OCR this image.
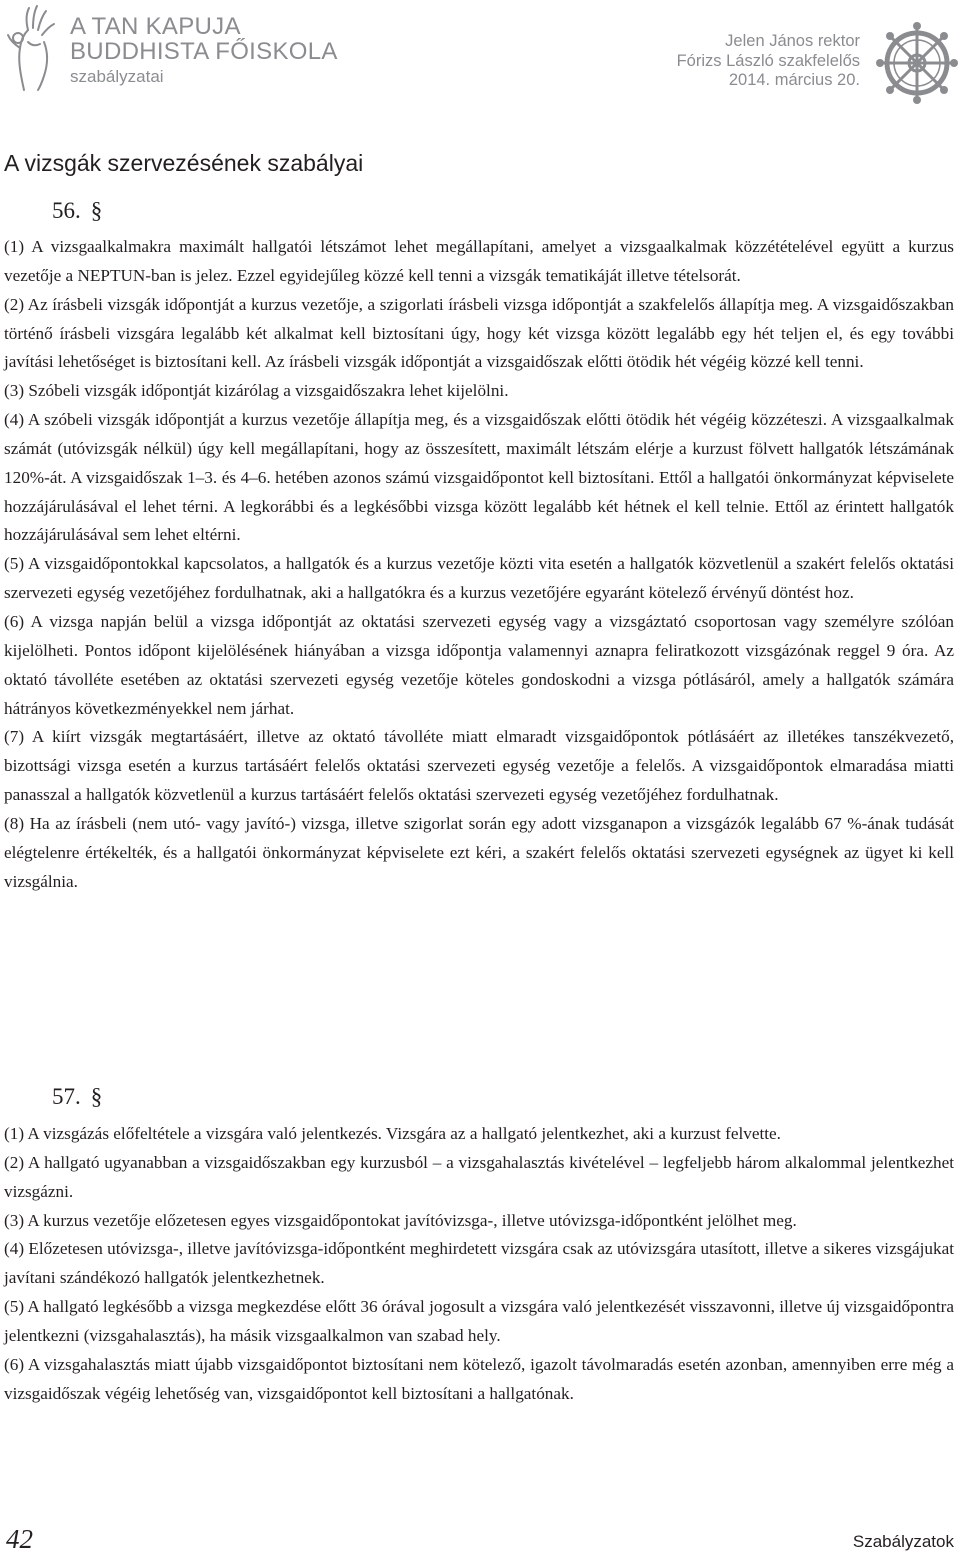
A TAN KAPUJA
BUDDHISTA FŐISKOLA
szabályzatai
Jelen János rektor
Fórizs László szakfelelős
2014. március 20.
A vizsgák szervezésének szabályai
56. §

(1) A vizsgaalkalmakra maximált hallgatói létszámot lehet megállapítani, amelyet a vizsgaalkalmak közzétételével együtt a kurzus vezetője a NEPTUN-ban is jelez. Ezzel egyidejűleg közzé kell tenni a vizsgák tematikáját illetve tételsorát.

(2) Az írásbeli vizsgák időpontját a kurzus vezetője, a szigorlati írásbeli vizsga időpontját a szakfelelős állapítja meg. A vizsgaidőszakban történő írásbeli vizsgára legalább két alkalmat kell biztosítani úgy, hogy két vizsga között legalább egy hét teljen el, és egy további javítási lehetőséget is biztosítani kell. Az írásbeli vizsgák időpontját a vizsgaidőszak előtti ötödik hét végéig közzé kell tenni.

(3) Szóbeli vizsgák időpontját kizárólag a vizsgaidőszakra lehet kijelölni.

(4) A szóbeli vizsgák időpontját a kurzus vezetője állapítja meg, és a vizsgaidőszak előtti ötödik hét végéig közzéteszi. A vizsgaalkalmak számát (utóvizsgák nélkül) úgy kell megállapítani, hogy az összesített, maximált létszám elérje a kurzust fölvett hallgatók létszámának 120%-át. A vizsgaidőszak 1–3. és 4–6. hetében azonos számú vizsgaidőpontot kell biztosítani. Ettől a hallgatói önkormányzat képviselete hozzájárulásával el lehet térni. A legkorábbi és a legkésőbbi vizsga között legalább két hétnek el kell telnie. Ettől az érintett hallgatók hozzájárulásával sem lehet eltérni.

(5) A vizsgaidőpontokkal kapcsolatos, a hallgatók és a kurzus vezetője közti vita esetén a hallgatók közvetlenül a szakért felelős oktatási szervezeti egység vezetőjéhez fordulhatnak, aki a hallgatókra és a kurzus vezetőjére egyaránt kötelező érvényű döntést hoz.

(6) A vizsga napján belül a vizsga időpontját az oktatási szervezeti egység vagy a vizsgáztató csoportosan vagy személyre szólóan kijelölheti. Pontos időpont kijelölésének hiányában a vizsga időpontja valamennyi aznapra feliratkozott vizsgázónak reggel 9 óra. Az oktató távolléte esetében az oktatási szervezeti egység vezetője köteles gondoskodni a vizsga pótlásáról, amely a hallgatók számára hátrányos következményekkel nem járhat.

(7) A kiírt vizsgák megtartásáért, illetve az oktató távolléte miatt elmaradt vizsgaidőpontok pótlásáért az illetékes tanszékvezető, bizottsági vizsga esetén a kurzus tartásáért felelős oktatási szervezeti egység vezetője a felelős. A vizsgaidőpontok elmaradása miatti panasszal a hallgatók közvetlenül a kurzus tartásáért felelős oktatási szervezeti egység vezetőjéhez fordulhatnak.

(8) Ha az írásbeli (nem utó- vagy javító-) vizsga, illetve szigorlat során egy adott vizsganapon a vizsgázók legalább 67 %-ának tudását elégtelenre értékelték, és a hallgatói önkormányzat képviselete ezt kéri, a szakért felelős oktatási szervezeti egységnek az ügyet ki kell vizsgálnia.

57. §

(1) A vizsgázás előfeltétele a vizsgára való jelentkezés. Vizsgára az a hallgató jelentkezhet, aki a kurzust felvette.

(2) A hallgató ugyanabban a vizsgaidőszakban egy kurzusból – a vizsgahalasztás kivételével – legfeljebb három alkalommal jelentkezhet vizsgázni.

(3) A kurzus vezetője előzetesen egyes vizsgaidőpontokat javítóvizsga-, illetve utóvizsga-időpontként jelölhet meg.

(4) Előzetesen utóvizsga-, illetve javítóvizsga-időpontként meghirdetett vizsgára csak az utóvizsgára utasított, illetve a sikeres vizsgájukat javítani szándékozó hallgatók jelentkezhetnek.

(5) A hallgató legkésőbb a vizsga megkezdése előtt 36 órával jogosult a vizsgára való jelentkezését visszavonni, illetve új vizsgaidőpontra jelentkezni (vizsgahalasztás), ha másik vizsgaalkalmon van szabad hely.

(6) A vizsgahalasztás miatt újabb vizsgaidőpontot biztosítani nem kötelező, igazolt távolmaradás esetén azonban, amennyiben erre még a vizsgaidőszak végéig lehetőség van, vizsgaidőpontot kell biztosítani a hallgatónak.

42	Szabályzatok
